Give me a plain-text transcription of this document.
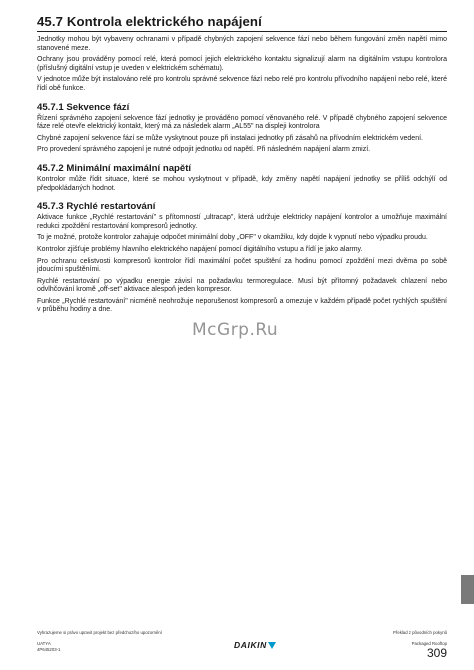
45.7 Kontrola elektrického napájení

Jednotky mohou být vybaveny ochranami v případě chybných zapojení sekvence fází nebo během fungování změn napětí mimo stanovené meze.

Ochrany jsou prováděny pomocí relé, která pomocí jejich elektrického kontaktu signalizují alarm na digitálním vstupu kontrolora (příslušný digitální vstup je uveden v elektrickém schématu).

V jednotce může být instalováno relé pro kontrolu správné sekvence fází nebo relé pro kontrolu přívodního napájení nebo relé, které řídí obě funkce.

45.7.1 Sekvence fází

Řízení správného zapojení sekvence fází jednotky je prováděno pomocí věnovaného relé. V případě chybného zapojení sekvence fáze relé otevře elektrický kontakt, který má za následek alarm „AL55" na displeji kontrolora

Chybné zapojení sekvence fází se může vyskytnout pouze při instalaci jednotky při zásahů na přívodním elektrickém vedení.

Pro provedení správného zapojení je nutné odpojit jednotku od napětí. Při následném napájení alarm zmizí.

45.7.2 Minimální maximální napětí

Kontrolor může řídit situace, které se mohou vyskytnout v případě, kdy změny napětí napájení jednotky se příliš odchýlí od předpokládaných hodnot.

45.7.3 Rychlé restartování

Aktivace funkce „Rychlé restartování" s přítomností „ultracap", která udržuje elektricky napájení kontrolor a umožňuje maximální redukci zpoždění restartování kompresorů jednotky.

To je možné, protože kontrolor zahajuje odpočet minimální doby „OFF" v okamžiku, kdy dojde k vypnutí nebo výpadku proudu.

Kontrolor zjišťuje problémy hlavního elektrického napájení pomocí digitálního vstupu a řídí je jako alarmy.

Pro ochranu celistvosti kompresorů kontrolor řídí maximální počet spuštění za hodinu pomocí zpoždění mezi dvěma po sobě jdoucími spuštěními.

Rychlé restartování po výpadku energie závisí na požadavku termoregulace. Musí být přítomný požadavek chlazení nebo odvlhčování kromě „off-set" aktivace alespoň jeden kompresor.

Funkce „Rychlé restartování" nicméně neohrožuje neporušenost kompresorů a omezuje v každém případě počet rychlých spuštění v průběhu hodiny a dne.

McGrp.Ru
Vyhrazujeme si právo upravit projekt bez předchozího upozornění
UATYA
4P645203-1	DAIKIN
Překlad z původních pokynů
Packaged Rooftop
309
